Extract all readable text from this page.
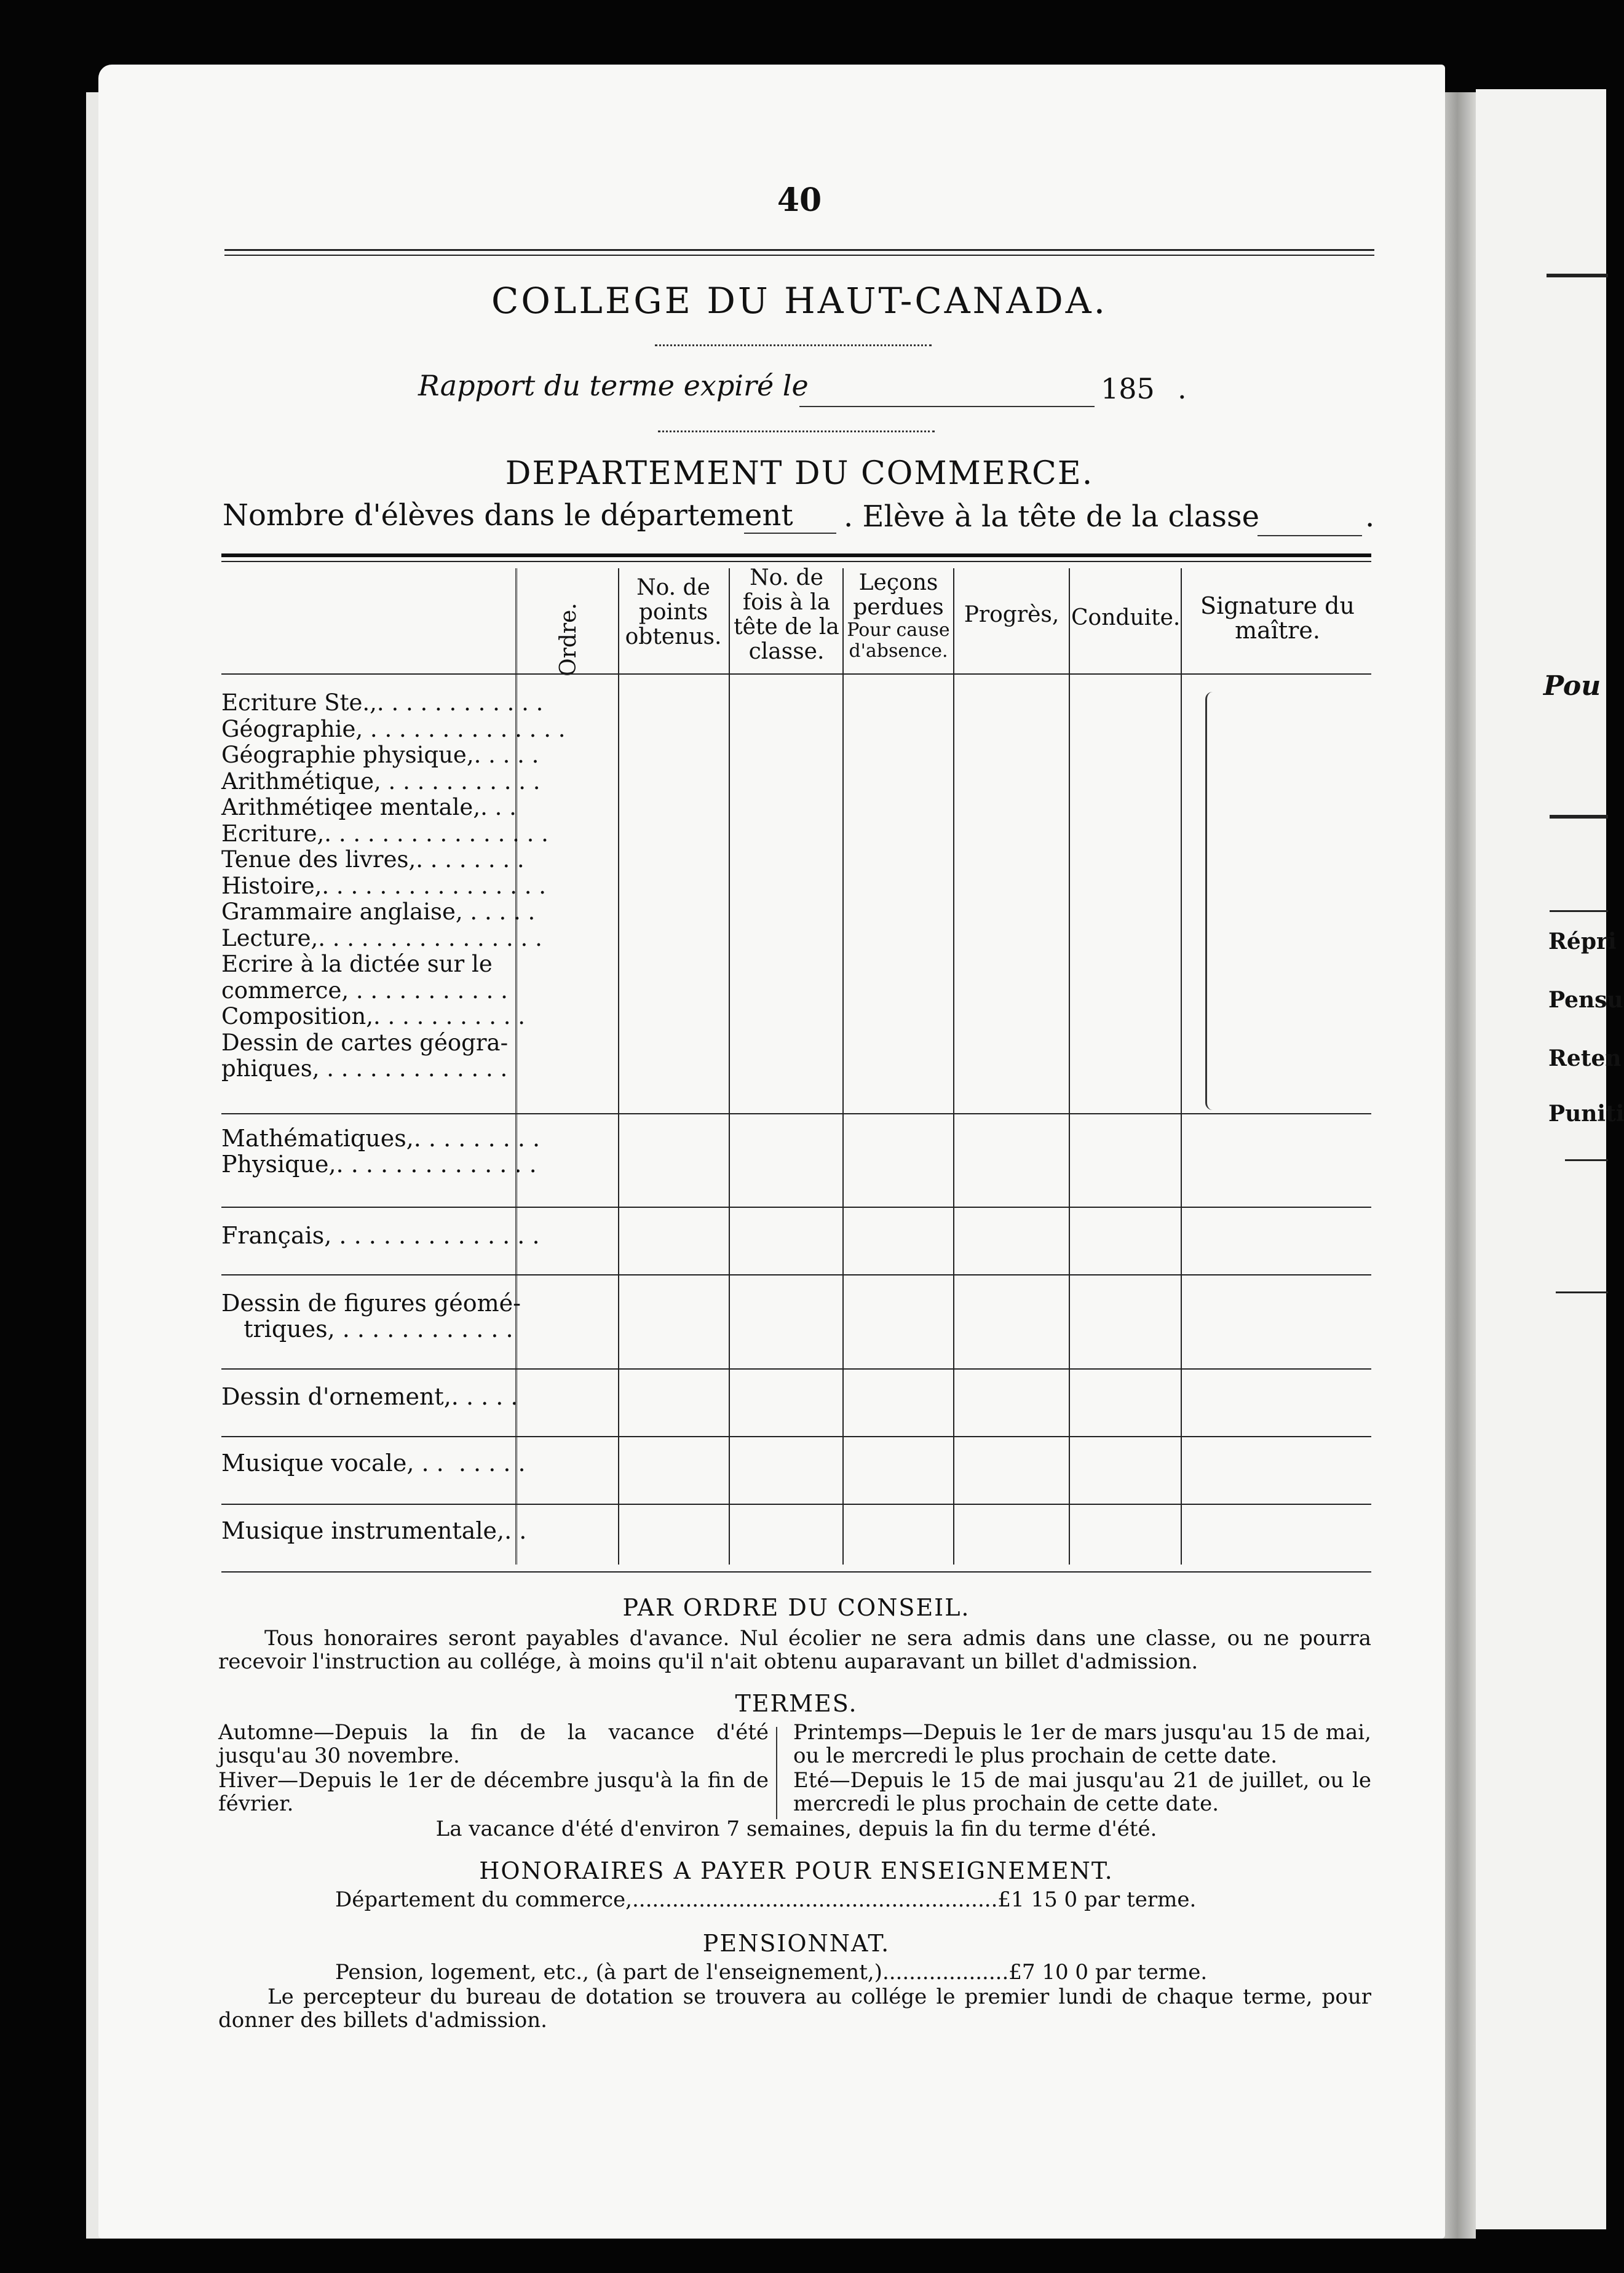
Pou
Répri
Pensu
Reten
Puniti
40
COLLEGE DU HAUT-CANADA.
Rapport du terme expiré le	185 .
DEPARTEMENT DU COMMERCE.
Nombre d'élèves dans le département . Elève à la tête de la classe	.
Ordre.
No. de points obtenus.
No. de fois à la tête de la classe.
Leçons perdues
Pour cause d'absence.
Progrès, Conduite. Signature du maître.
Ecriture Ste.,. . . . . . . . . . . .
Géographie, . . . . . . . . . . . . . .
Géographie physique,. . . . .
Arithmétique, . . . . . . . . . . .
Arithmétiqee mentale,. . .
Ecriture,. . . . . . . . . . . . . . . .
Tenue des livres,. . . . . . . .
Histoire,. . . . . . . . . . . . . . . .
Grammaire anglaise, . . . . .
Lecture,. . . . . . . . . . . . . . . .
Ecrire à la dictée sur le
commerce, . . . . . . . . . . .
Composition,. . . . . . . . . . .
Dessin de cartes géogra-
phiques, . . . . . . . . . . . . .
Mathématiques,. . . . . . . . .
Physique,. . . . . . . . . . . . . .
Français, . . . . . . . . . . . . . .
Dessin de figures géomé-
triques, . . . . . . . . . . . .
Dessin d'ornement,. . . . .
Musique vocale, . .  . . . . .
Musique instrumentale,. .
PAR ORDRE DU CONSEIL.
Tous honoraires seront payables d'avance. Nul écolier ne sera admis dans une classe, ou ne pourra recevoir l'instruction au collége, à moins qu'il n'ait obtenu auparavant un billet d'admission.
TERMES.
Automne—Depuis la fin de la vacance d'été jusqu'au 30 novembre.
Hiver—Depuis le 1er de décembre jusqu'à la fin de février.
Printemps—Depuis le 1er de mars jusqu'au 15 de mai, ou le mercredi le plus prochain de cette date.
Eté—Depuis le 15 de mai jusqu'au 21 de juillet, ou le mercredi le plus prochain de cette date.
La vacance d'été d'environ 7 semaines, depuis la fin du terme d'été.
HONORAIRES A PAYER POUR ENSEIGNEMENT.
Département du commerce,.......................................................£1 15 0 par terme.
PENSIONNAT.
Pension, logement, etc., (à part de l'enseignement,)...................£7 10 0 par terme.
Le percepteur du bureau de dotation se trouvera au collége le premier lundi de chaque terme, pour donner des billets d'admission.
